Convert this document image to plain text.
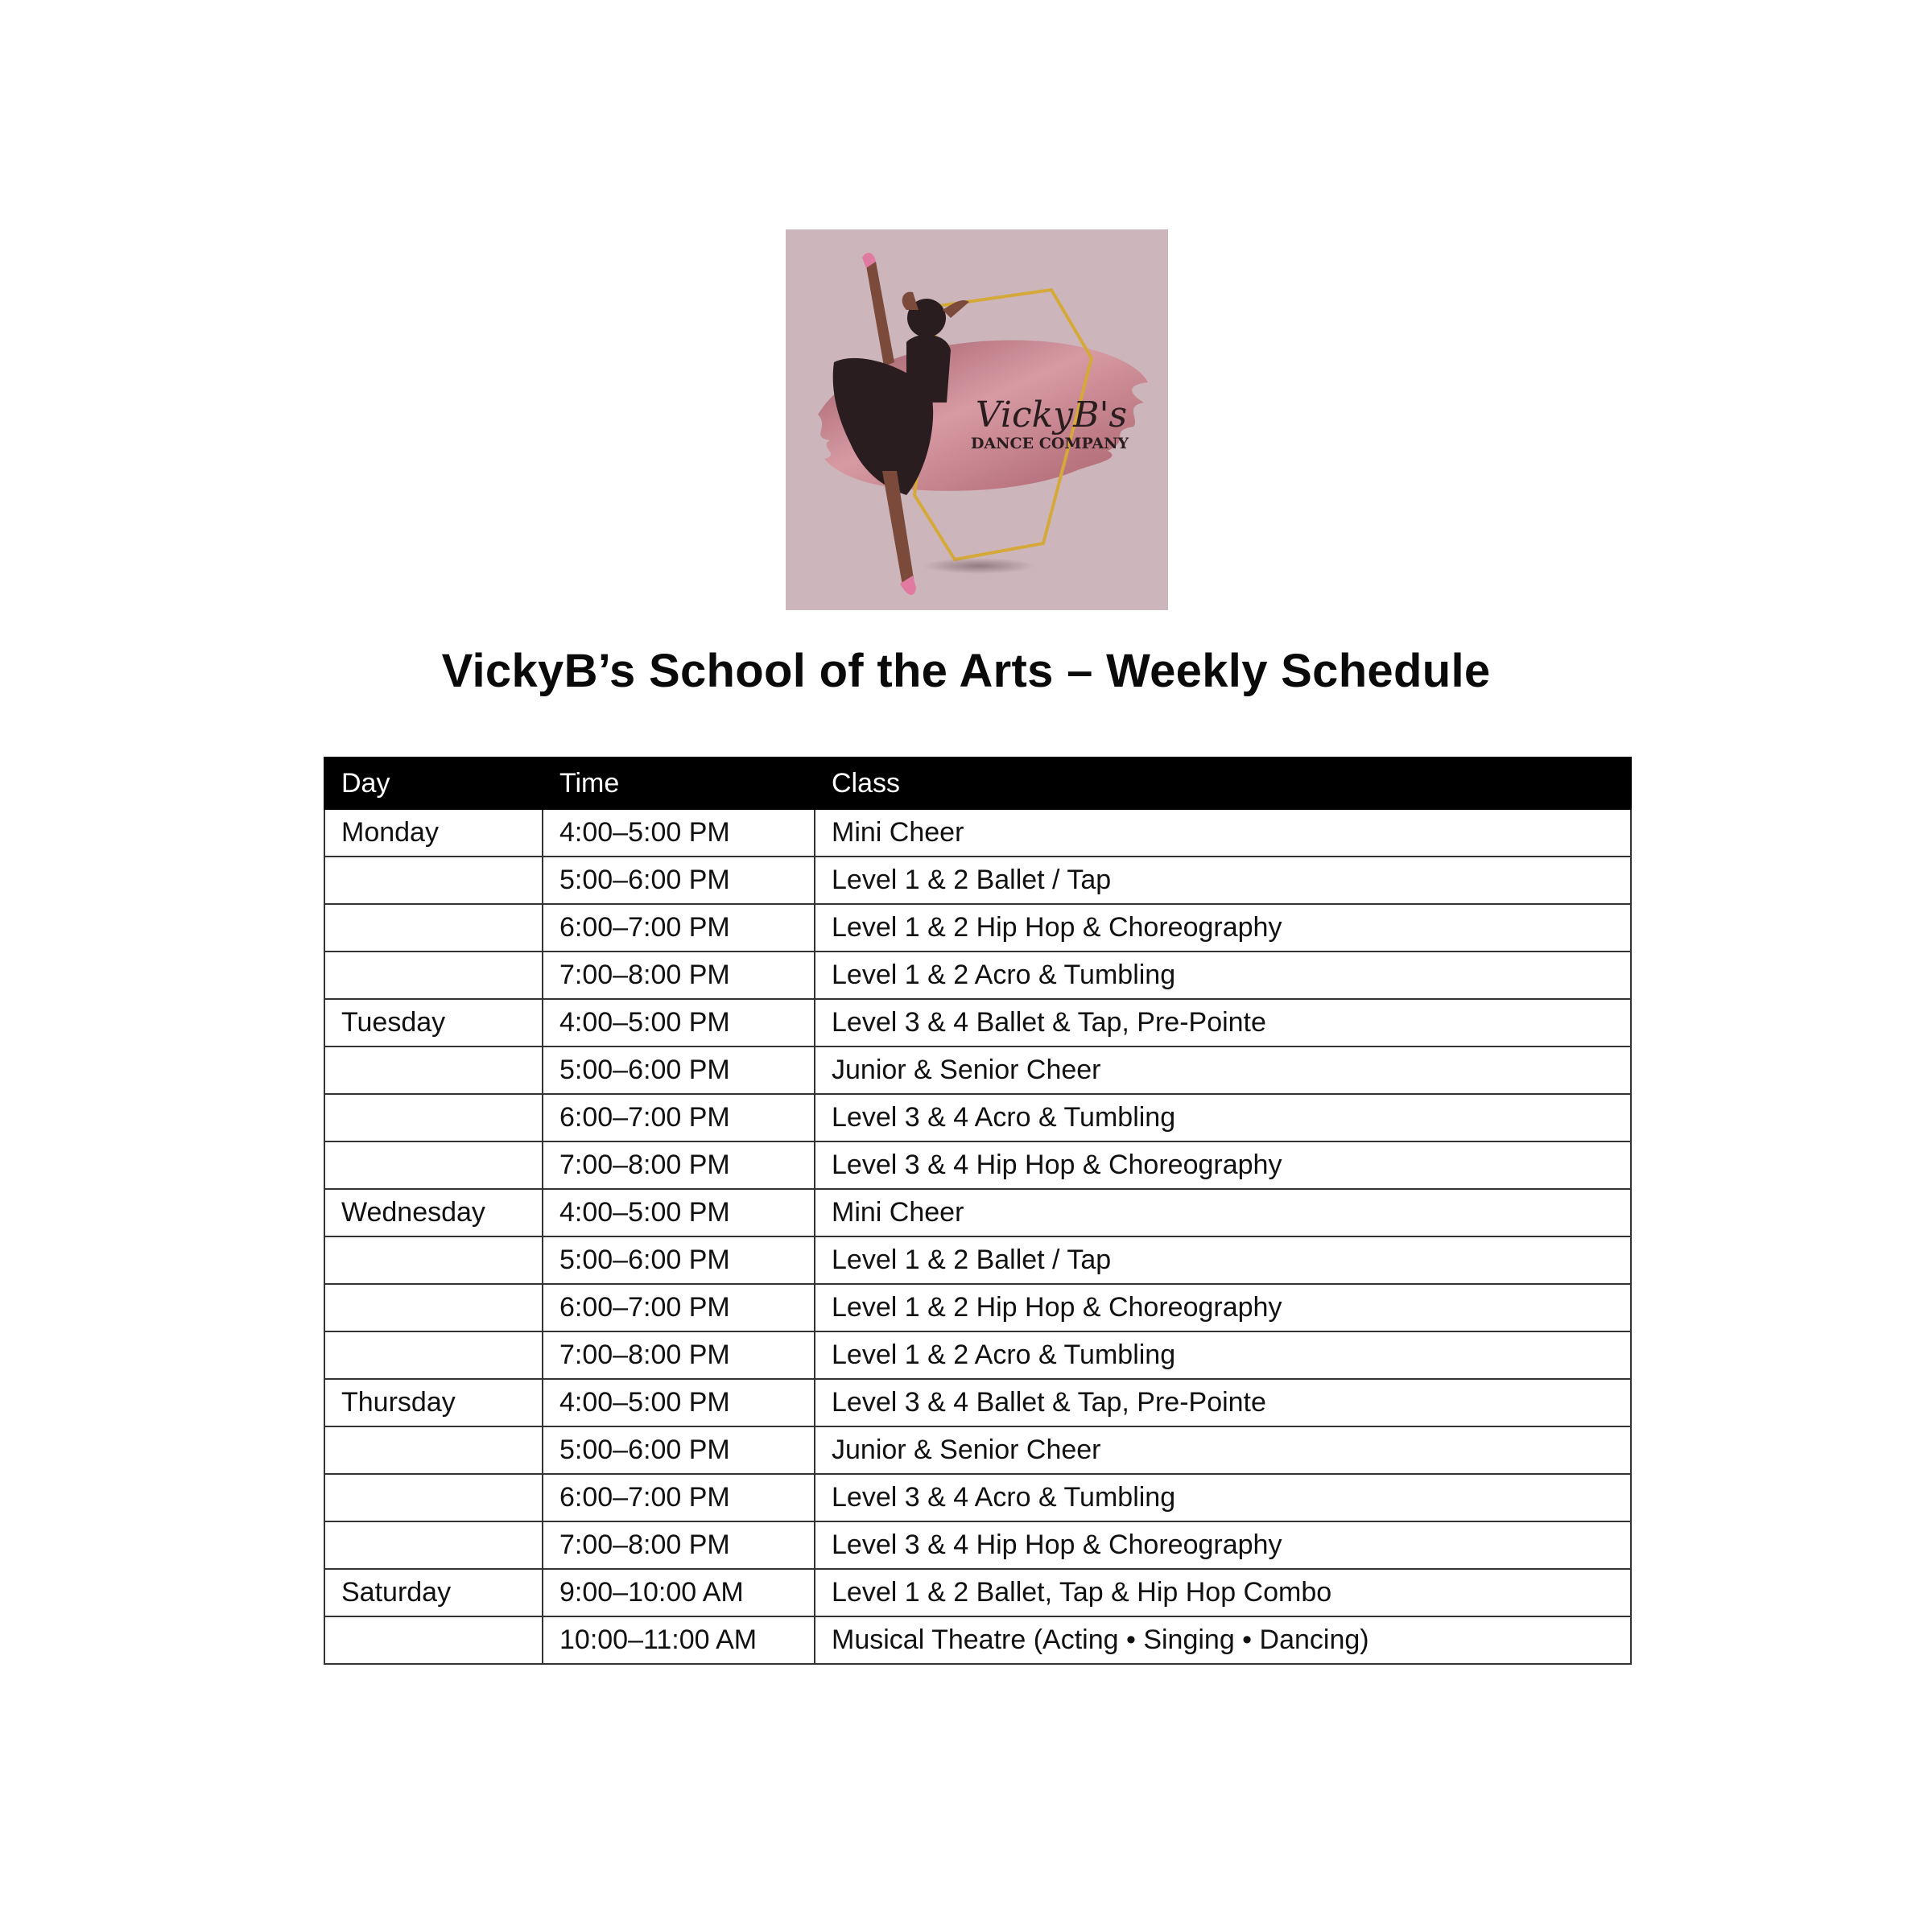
VickyB's
DANCE COMPANY
VickyB’s School of the Arts – Weekly Schedule
Day	Time	Class
Monday	4:00–5:00 PM	Mini Cheer
	5:00–6:00 PM	Level 1 & 2 Ballet / Tap
	6:00–7:00 PM	Level 1 & 2 Hip Hop & Choreography
	7:00–8:00 PM	Level 1 & 2 Acro & Tumbling
Tuesday	4:00–5:00 PM	Level 3 & 4 Ballet & Tap, Pre-Pointe
	5:00–6:00 PM	Junior & Senior Cheer
	6:00–7:00 PM	Level 3 & 4 Acro & Tumbling
	7:00–8:00 PM	Level 3 & 4 Hip Hop & Choreography
Wednesday	4:00–5:00 PM	Mini Cheer
	5:00–6:00 PM	Level 1 & 2 Ballet / Tap
	6:00–7:00 PM	Level 1 & 2 Hip Hop & Choreography
	7:00–8:00 PM	Level 1 & 2 Acro & Tumbling
Thursday	4:00–5:00 PM	Level 3 & 4 Ballet & Tap, Pre-Pointe
	5:00–6:00 PM	Junior & Senior Cheer
	6:00–7:00 PM	Level 3 & 4 Acro & Tumbling
	7:00–8:00 PM	Level 3 & 4 Hip Hop & Choreography
Saturday	9:00–10:00 AM	Level 1 & 2 Ballet, Tap & Hip Hop Combo
	10:00–11:00 AM	Musical Theatre (Acting • Singing • Dancing)
